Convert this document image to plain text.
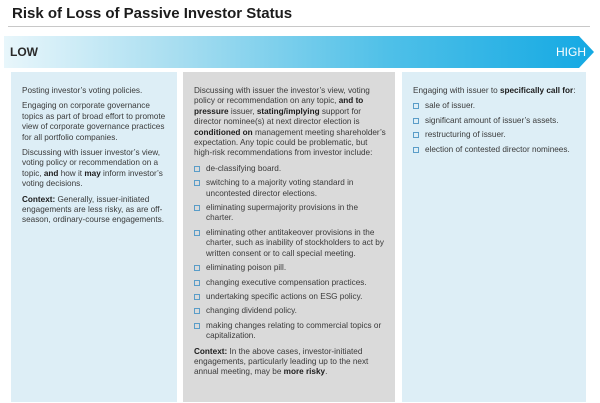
Risk of Loss of Passive Investor Status
LOW	HIGH

Posting investor’s voting policies.

Engaging on corporate governance topics as part of broad effort to promote view of corporate governance practices for all portfolio companies.

Discussing with issuer investor’s view, voting policy or recommendation on a topic, and how it may inform investor’s voting decisions.

Context: Generally, issuer-initiated engagements are less risky, as are off-season, ordinary-course engagements.

Discussing with issuer the investor’s view, voting policy or recommendation on any topic, and to pressure issuer, stating/implying support for director nominee(s) at next director election is conditioned on management meeting shareholder’s expectation. Any topic could be problematic, but high-risk recommendations from investor include:

de-classifying board.
switching to a majority voting standard in uncontested director elections.
eliminating supermajority provisions in the charter.
eliminating other antitakeover provisions in the charter, such as inability of stockholders to act by written consent or to call special meeting.
eliminating poison pill.
changing executive compensation practices.
undertaking specific actions on ESG policy.
changing dividend policy.
making changes relating to commercial topics or capitalization.

Context: In the above cases, investor-initiated engagements, particularly leading up to the next annual meeting, may be more risky.

Engaging with issuer to specifically call for:

sale of issuer.
significant amount of issuer’s assets.
restructuring of issuer.
election of contested director nominees.
